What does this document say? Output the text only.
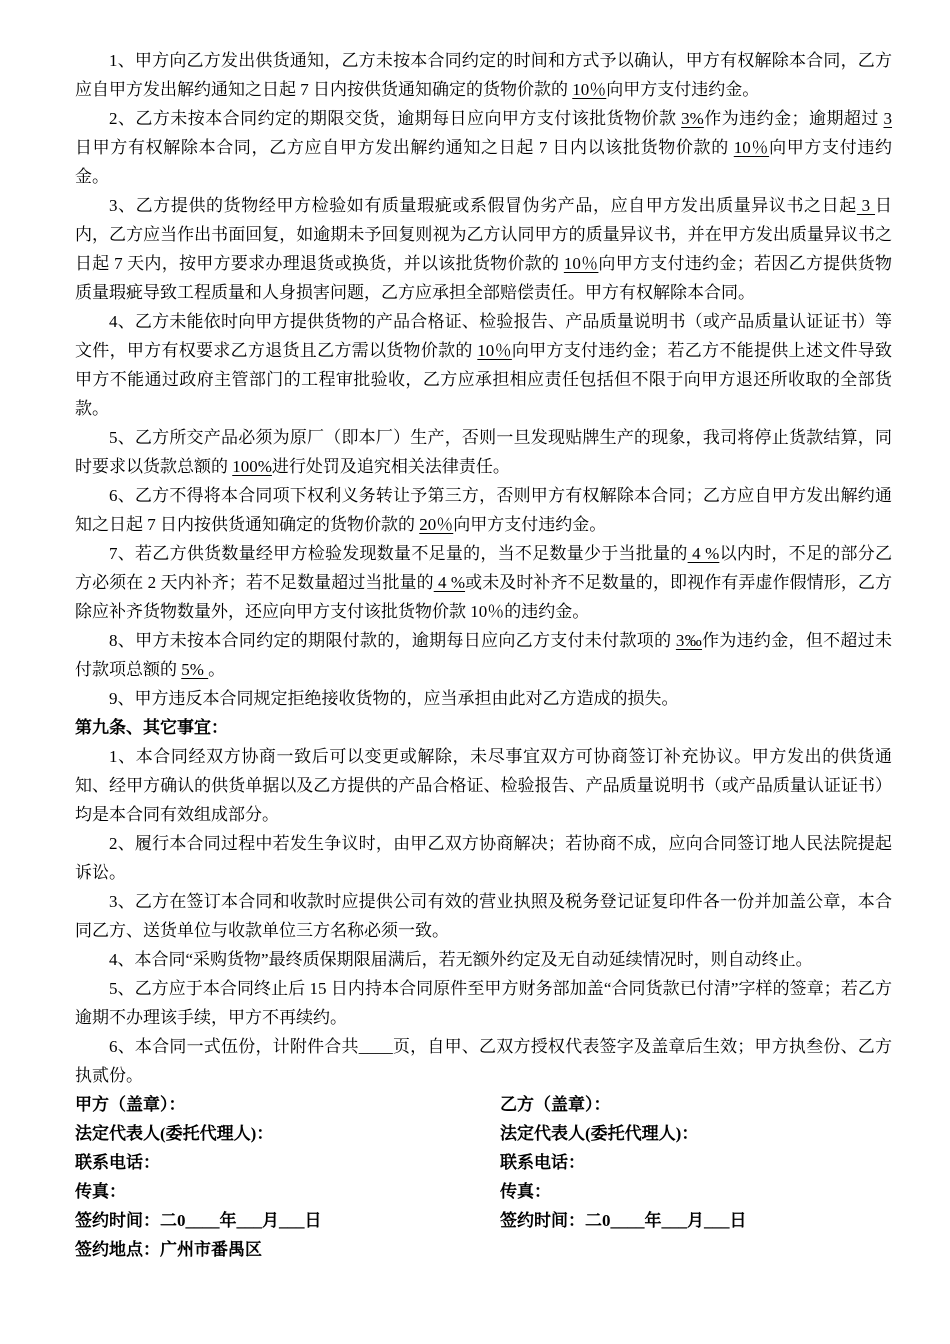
1、甲方向乙方发出供货通知，乙方未按本合同约定的时间和方式予以确认，甲方有权解除本合同，乙方应自甲方发出解约通知之日起 7 日内按供货通知确定的货物价款的 10％向甲方支付违约金。

2、乙方未按本合同约定的期限交货，逾期每日应向甲方支付该批货物价款 3%作为违约金；逾期超过 3 日甲方有权解除本合同，乙方应自甲方发出解约通知之日起 7 日内以该批货物价款的 10％向甲方支付违约金。

3、乙方提供的货物经甲方检验如有质量瑕疵或系假冒伪劣产品，应自甲方发出质量异议书之日起 3 日内，乙方应当作出书面回复，如逾期未予回复则视为乙方认同甲方的质量异议书，并在甲方发出质量异议书之日起 7 天内，按甲方要求办理退货或换货，并以该批货物价款的 10％向甲方支付违约金；若因乙方提供货物质量瑕疵导致工程质量和人身损害问题，乙方应承担全部赔偿责任。甲方有权解除本合同。

4、乙方未能依时向甲方提供货物的产品合格证、检验报告、产品质量说明书（或产品质量认证证书）等文件，甲方有权要求乙方退货且乙方需以货物价款的 10％向甲方支付违约金；若乙方不能提供上述文件导致甲方不能通过政府主管部门的工程审批验收，乙方应承担相应责任包括但不限于向甲方退还所收取的全部货款。

5、乙方所交产品必须为原厂（即本厂）生产，否则一旦发现贴牌生产的现象，我司将停止货款结算，同时要求以货款总额的 100%进行处罚及追究相关法律责任。

6、乙方不得将本合同项下权利义务转让予第三方，否则甲方有权解除本合同；乙方应自甲方发出解约通知之日起 7 日内按供货通知确定的货物价款的 20％向甲方支付违约金。

7、若乙方供货数量经甲方检验发现数量不足量的，当不足数量少于当批量的 4 %以内时，不足的部分乙方必须在 2 天内补齐；若不足数量超过当批量的 4 %或未及时补齐不足数量的，即视作有弄虚作假情形，乙方除应补齐货物数量外，还应向甲方支付该批货物价款 10％的违约金。

8、甲方未按本合同约定的期限付款的，逾期每日应向乙方支付未付款项的 3‰作为违约金，但不超过未付款项总额的 5% 。

9、甲方违反本合同规定拒绝接收货物的，应当承担由此对乙方造成的损失。

第九条、其它事宜：

1、本合同经双方协商一致后可以变更或解除，未尽事宜双方可协商签订补充协议。甲方发出的供货通知、经甲方确认的供货单据以及乙方提供的产品合格证、检验报告、产品质量说明书（或产品质量认证证书）均是本合同有效组成部分。

2、履行本合同过程中若发生争议时，由甲乙双方协商解决；若协商不成，应向合同签订地人民法院提起诉讼。

3、乙方在签订本合同和收款时应提供公司有效的营业执照及税务登记证复印件各一份并加盖公章，本合同乙方、送货单位与收款单位三方名称必须一致。

4、本合同“采购货物”最终质保期限届满后，若无额外约定及无自动延续情况时，则自动终止。

5、乙方应于本合同终止后 15 日内持本合同原件至甲方财务部加盖“合同货款已付清”字样的签章；若乙方逾期不办理该手续，甲方不再续约。

6、本合同一式伍份，计附件合共____页，自甲、乙双方授权代表签字及盖章后生效；甲方执叁份、乙方执贰份。

甲方（盖章）：

法定代表人(委托代理人)：

联系电话：

传真：

签约时间：二0____年___月___日

签约地点：广州市番禺区

乙方（盖章）：

法定代表人(委托代理人)：

联系电话：

传真：

签约时间：二0____年___月___日
